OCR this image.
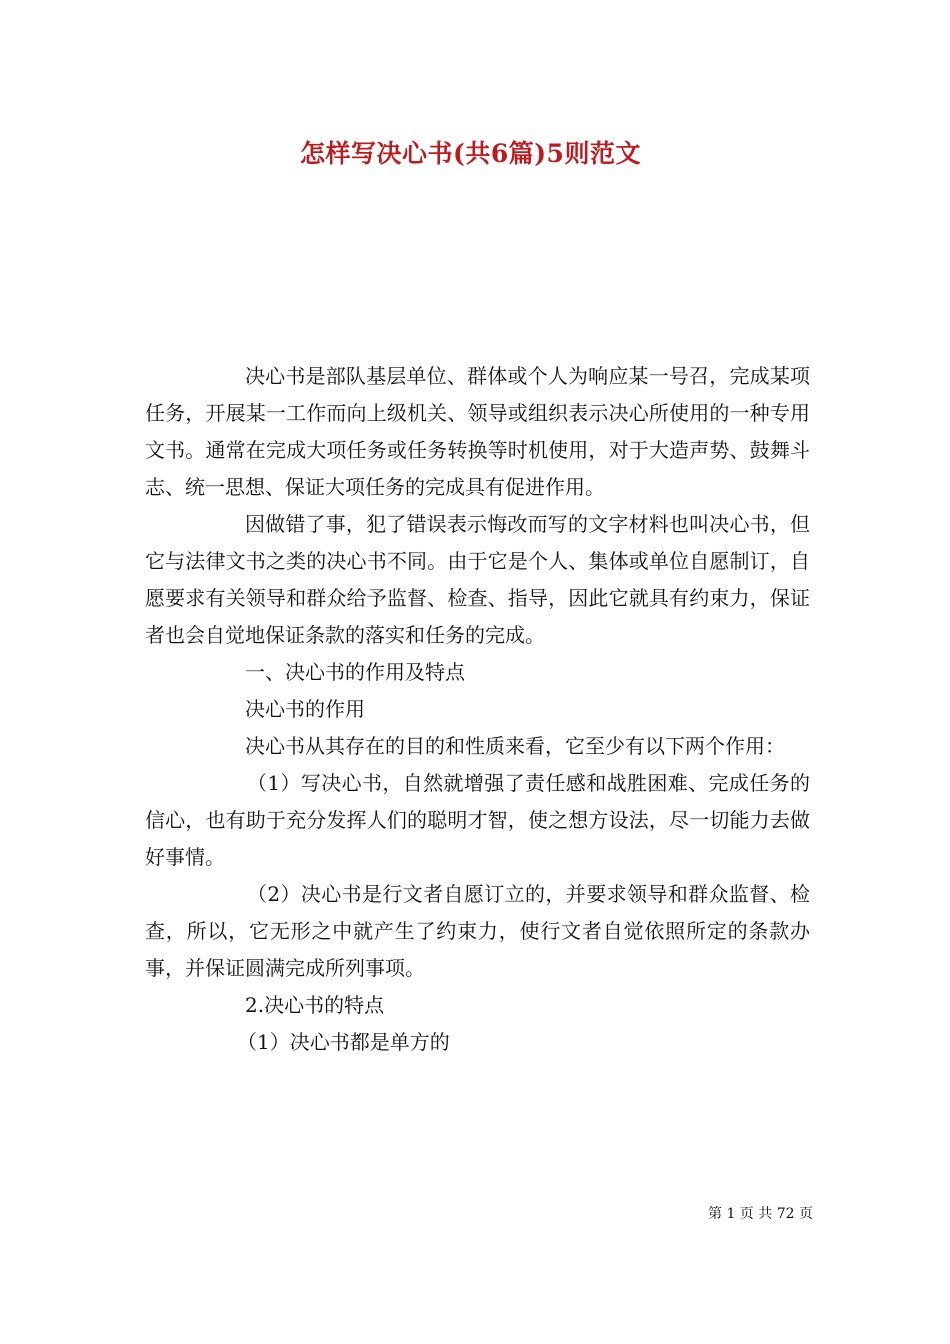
怎样写决心书(共6篇)5则范文

决心书是部队基层单位、群体或个人为响应某一号召，完成某项任务，开展某一工作而向上级机关、领导或组织表示决心所使用的一种专用文书。通常在完成大项任务或任务转换等时机使用，对于大造声势、鼓舞斗志、统一思想、保证大项任务的完成具有促进作用。

因做错了事，犯了错误表示悔改而写的文字材料也叫决心书，但它与法律文书之类的决心书不同。由于它是个人、集体或单位自愿制订，自愿要求有关领导和群众给予监督、检查、指导，因此它就具有约束力，保证者也会自觉地保证条款的落实和任务的完成。

一、决心书的作用及特点

决心书的作用

决心书从其存在的目的和性质来看，它至少有以下两个作用：

（1）写决心书，自然就增强了责任感和战胜困难、完成任务的信心，也有助于充分发挥人们的聪明才智，使之想方设法，尽一切能力去做好事情。

（2）决心书是行文者自愿订立的，并要求领导和群众监督、检查，所以，它无形之中就产生了约束力，使行文者自觉依照所定的条款办事，并保证圆满完成所列事项。

2.决心书的特点

（1）决心书都是单方的

第 1 页 共 72 页
